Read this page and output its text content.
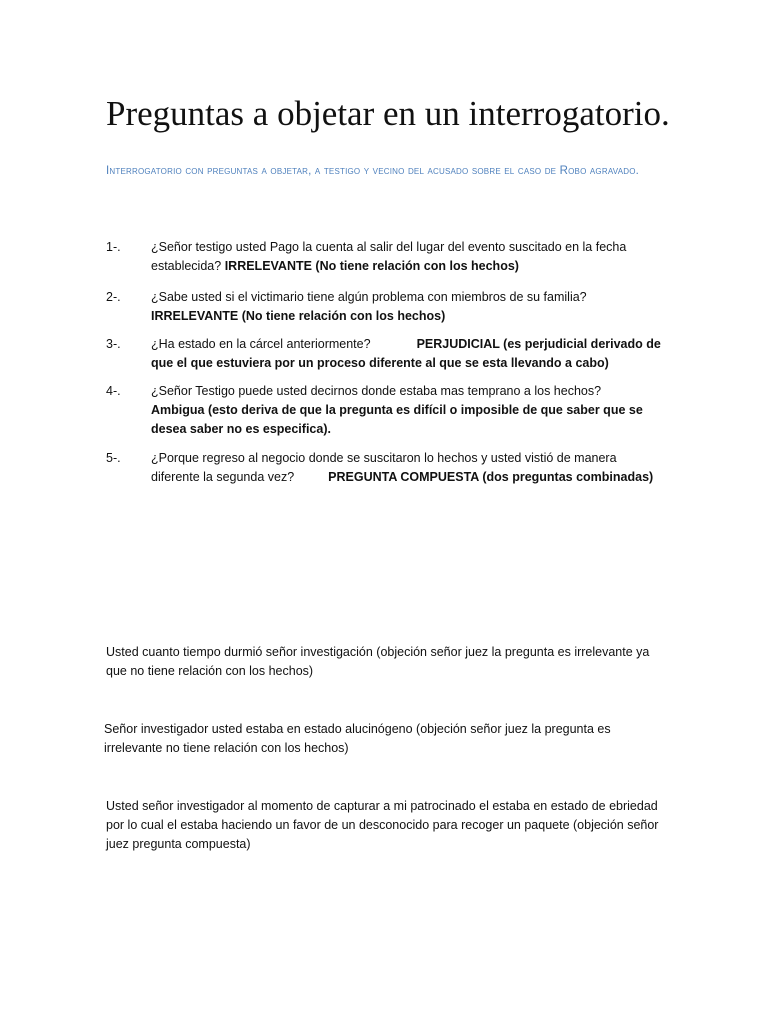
Preguntas a objetar en un interrogatorio.

Interrogatorio con preguntas a objetar, a testigo y vecino del acusado sobre el caso de Robo agravado.

1-.	¿Señor testigo usted Pago la cuenta al salir del lugar del evento suscitado en la fecha establecida? IRRELEVANTE (No tiene relación con los hechos)
2-.	¿Sabe usted si el victimario tiene algún problema con miembros de su familia?
IRRELEVANTE (No tiene relación con los hechos)
3-.	¿Ha estado en la cárcel anteriormente?	PERJUDICIAL (es perjudicial derivado de que el que estuviera por un proceso diferente al que se esta llevando a cabo)
4-.	¿Señor Testigo puede usted decirnos donde estaba mas temprano a los hechos?
Ambigua (esto deriva de que la pregunta es difícil o imposible de que saber que se desea saber no es especifica).
5-.	¿Porque regreso al negocio donde se suscitaron lo hechos y usted vistió de manera diferente la segunda vez?	PREGUNTA COMPUESTA (dos preguntas combinadas)

Usted cuanto tiempo durmió señor investigación (objeción señor juez la pregunta es irrelevante ya que no tiene relación con los hechos)

Señor investigador usted estaba en estado alucinógeno (objeción señor juez la pregunta es irrelevante no tiene relación con los hechos)

Usted señor investigador al momento de capturar a mi patrocinado el estaba en estado de ebriedad por lo cual el estaba haciendo un favor de un desconocido para recoger un paquete (objeción señor juez pregunta compuesta)
